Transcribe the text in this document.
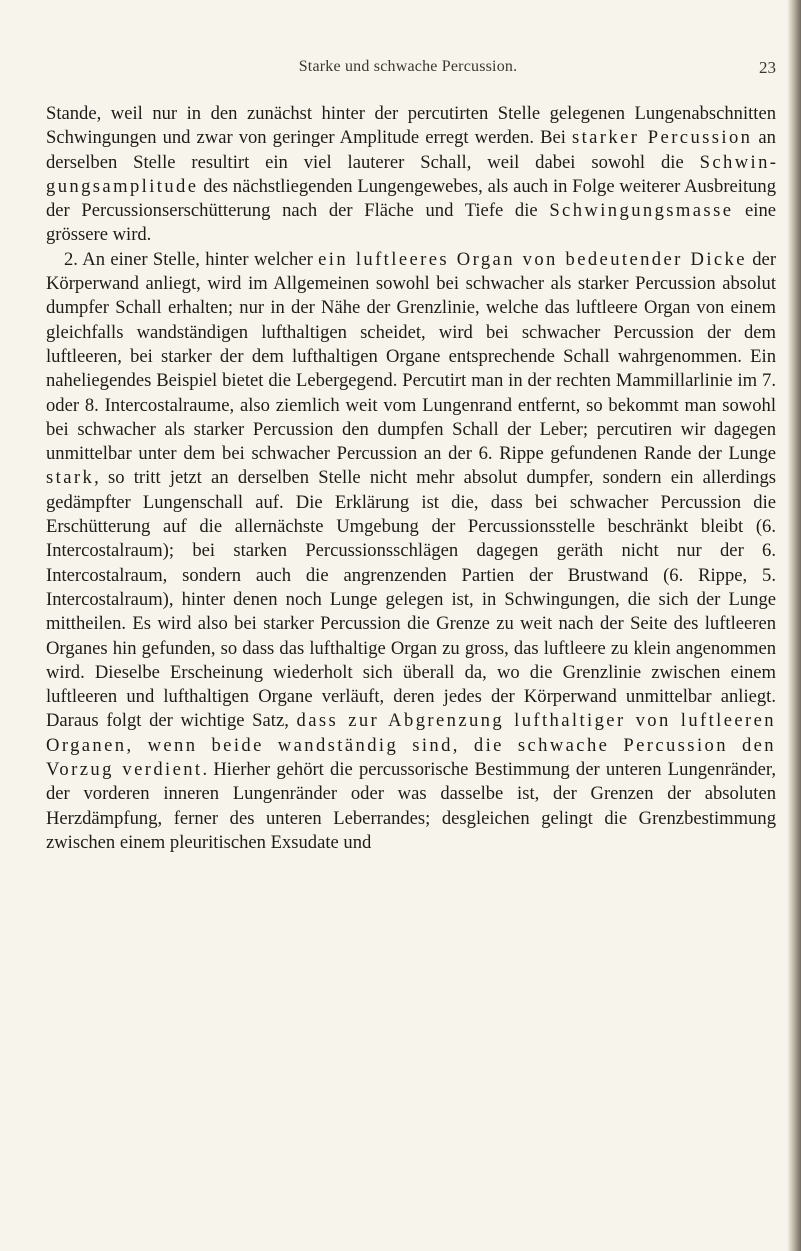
Starke und schwache Percussion.	23

Stande, weil nur in den zunächst hinter der percutirten Stelle gelegenen Lungenabschnitten Schwingungen und zwar von geringer Amplitude erregt werden. Bei starker Percussion an derselben Stelle resultirt ein viel lauterer Schall, weil dabei sowohl die Schwingungsamplitude des nächstliegenden Lungengewebes, als auch in Folge weiterer Ausbreitung der Percussionserschütterung nach der Fläche und Tiefe die Schwingungsmasse eine grössere wird.

2. An einer Stelle, hinter welcher ein luftleeres Organ von bedeutender Dicke der Körperwand anliegt, wird im Allgemeinen sowohl bei schwacher als starker Percussion absolut dumpfer Schall erhalten; nur in der Nähe der Grenzlinie, welche das luftleere Organ von einem gleichfalls wandständigen lufthaltigen scheidet, wird bei schwacher Percussion der dem luftleeren, bei starker der dem lufthaltigen Organe entsprechende Schall wahrgenommen. Ein naheliegendes Beispiel bietet die Lebergegend. Percutirt man in der rechten Mammillarlinie im 7. oder 8. Intercostalraume, also ziemlich weit vom Lungenrand entfernt, so bekommt man sowohl bei schwacher als starker Percussion den dumpfen Schall der Leber; percutiren wir dagegen unmittelbar unter dem bei schwacher Percussion an der 6. Rippe gefundenen Rande der Lunge stark, so tritt jetzt an derselben Stelle nicht mehr absolut dumpfer, sondern ein allerdings gedämpfter Lungenschall auf. Die Erklärung ist die, dass bei schwacher Percussion die Erschütterung auf die allernächste Umgebung der Percussionsstelle beschränkt bleibt (6. Intercostalraum); bei starken Percussionsschlägen dagegen geräth nicht nur der 6. Intercostalraum, sondern auch die angrenzenden Partien der Brustwand (6. Rippe, 5. Intercostalraum), hinter denen noch Lunge gelegen ist, in Schwingungen, die sich der Lunge mittheilen. Es wird also bei starker Percussion die Grenze zu weit nach der Seite des luftleeren Organes hin gefunden, so dass das lufthaltige Organ zu gross, das luftleere zu klein angenommen wird. Dieselbe Erscheinung wiederholt sich überall da, wo die Grenzlinie zwischen einem luftleeren und lufthaltigen Organe verläuft, deren jedes der Körperwand unmittelbar anliegt. Daraus folgt der wichtige Satz, dass zur Abgrenzung lufthaltiger von luftleeren Organen, wenn beide wandständig sind, die schwache Percussion den Vorzug verdient. Hierher gehört die percussorische Bestimmung der unteren Lungenränder, der vorderen inneren Lungenränder oder was dasselbe ist, der Grenzen der absoluten Herzdämpfung, ferner des unteren Leberrandes; desgleichen gelingt die Grenzbestimmung zwischen einem pleuritischen Exsudate und
